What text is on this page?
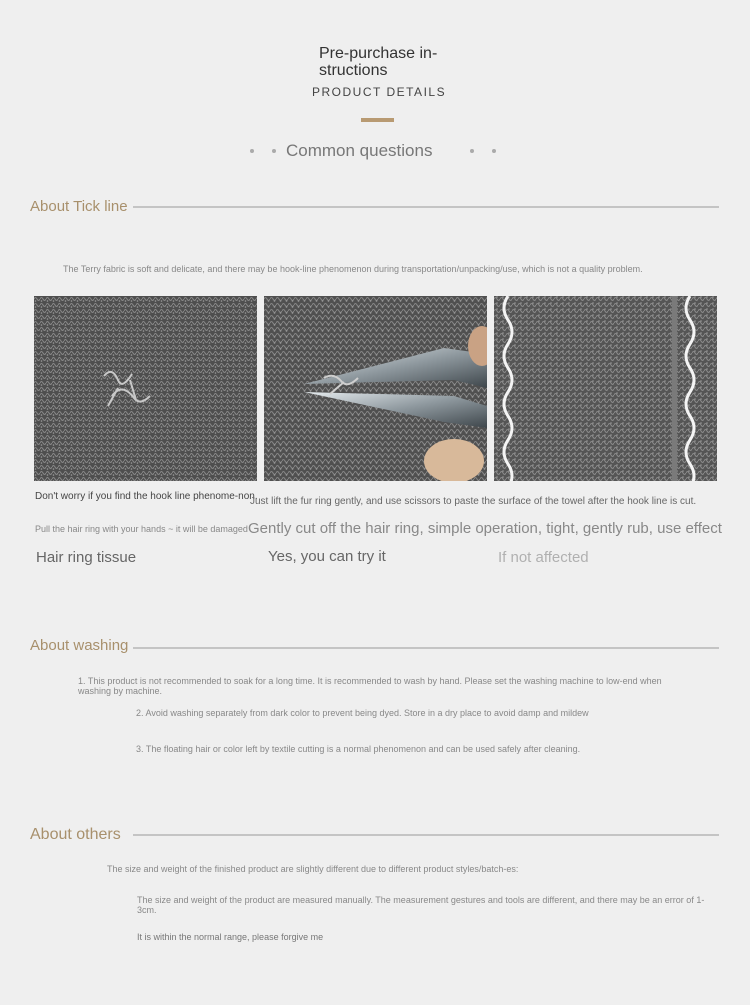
Pre-purchase in-structions
PRODUCT DETAILS
Common questions
About Tick line
The Terry fabric is soft and delicate, and there may be hook-line phenomenon during transportation/unpacking/use, which is not a quality problem.
Don't worry if you find the hook line phenome-non.
Just lift the fur ring gently, and use scissors to paste the surface of the towel after the hook line is cut.
Pull the hair ring with your hands ~ it will be damaged Gently cut off the hair ring, simple operation, tight, gently rub, use effect
Hair ring tissue	Yes, you can try it	If not affected
About washing
1. This product is not recommended to soak for a long time. It is recommended to wash by hand. Please set the washing machine to low-end when washing by machine.
2. Avoid washing separately from dark color to prevent being dyed. Store in a dry place to avoid damp and mildew
3. The floating hair or color left by textile cutting is a normal phenomenon and can be used safely after cleaning.
About others
The size and weight of the finished product are slightly different due to different product styles/batch-es:
The size and weight of the product are measured manually. The measurement gestures and tools are different, and there may be an error of 1-3cm.
It is within the normal range, please forgive me
